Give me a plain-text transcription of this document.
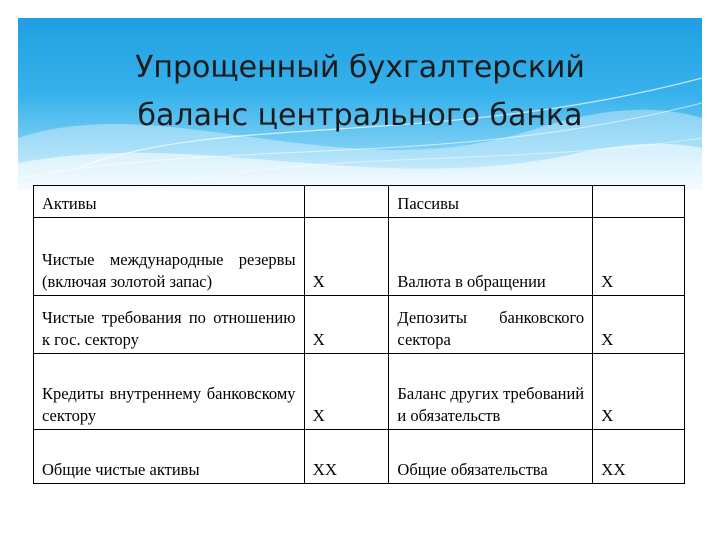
Упрощенный бухгалтерский
баланс центрального банка
Активы		Пассивы	
Чистые международные резервы (включая золотой запас)	Х	Валюта в обращении	Х
Чистые требования по отношению к гос. сектору	Х	Депозиты банковского сектора	Х
Кредиты внутреннему банковскому сектору	Х	Баланс других требований и обязательств	Х
Общие чистые активы	ХХ	Общие обязательства	ХХ
